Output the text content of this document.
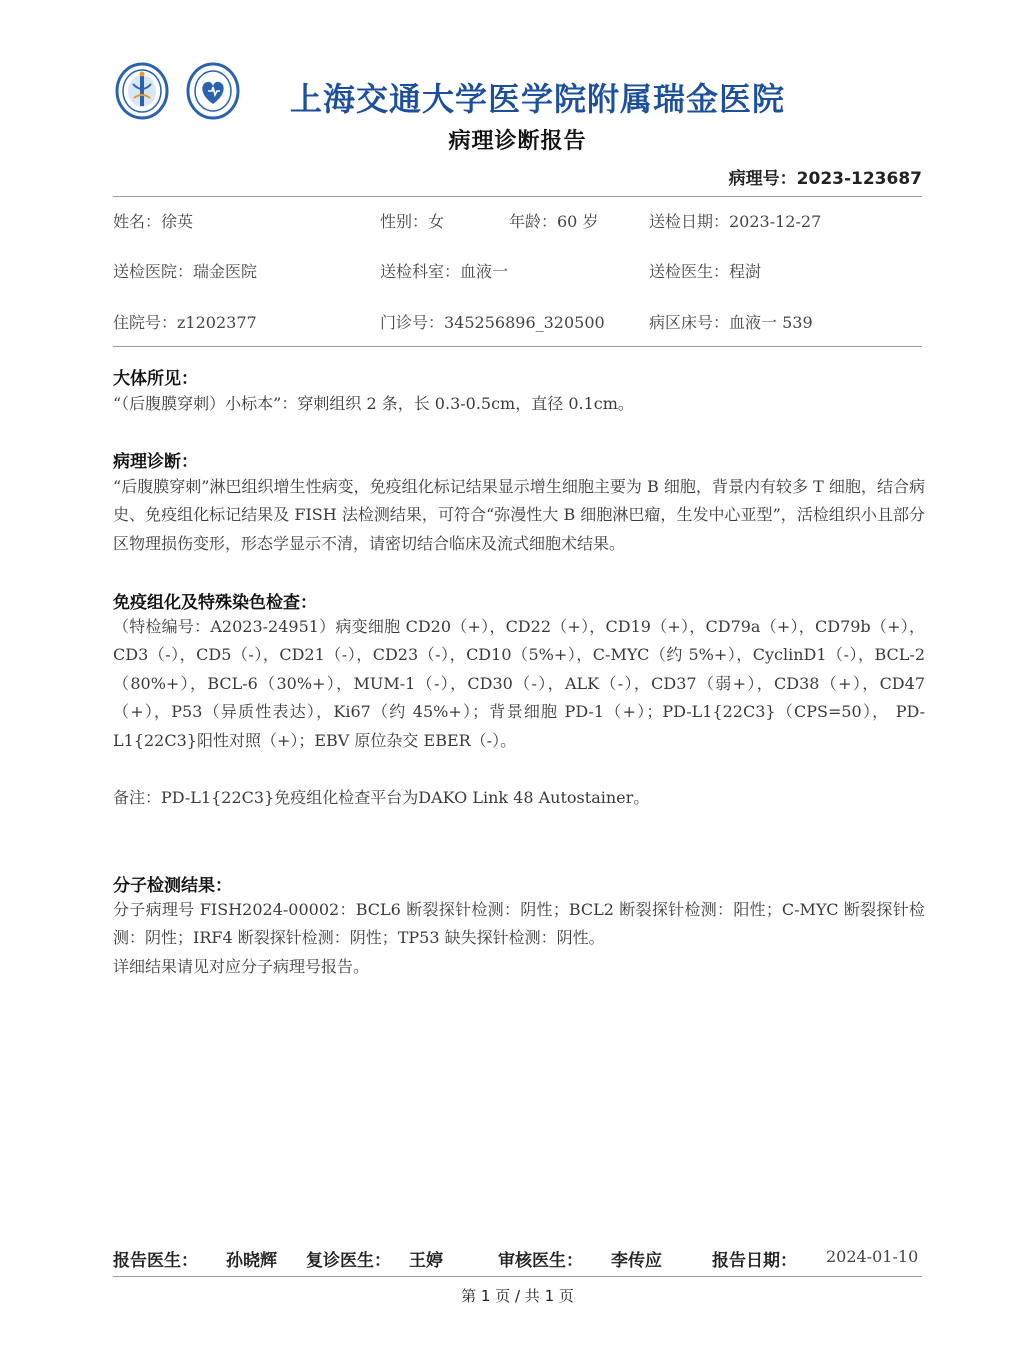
上海交通大学医学院附属瑞金医院
病理诊断报告
病理号：2023-123687
姓名：徐英	性别：女	年龄：60 岁	送检日期：2023-12-27
送检医院：瑞金医院	送检科室：血液一	送检医生：程澍
住院号：z1202377	门诊号：345256896_320500	病区床号：血液一 539
大体所见：

“（后腹膜穿刺）小标本”：穿刺组织 2 条，长 0.3-0.5cm，直径 0.1cm。

病理诊断：

“后腹膜穿刺”淋巴组织增生性病变，免疫组化标记结果显示增生细胞主要为 B 细胞，背景内有较多 T 细胞，结合病史、免疫组化标记结果及 FISH 法检测结果，可符合“弥漫性大 B 细胞淋巴瘤，生发中心亚型”，活检组织小且部分区物理损伤变形，形态学显示不清，请密切结合临床及流式细胞术结果。

免疫组化及特殊染色检查：

（特检编号：A2023-24951）病变细胞 CD20（+），CD22（+），CD19（+），CD79a（+），CD79b（+），CD3（-），CD5（-），CD21（-），CD23（-），CD10（5%+），C-MYC（约 5%+），CyclinD1（-），BCL-2（80%+），BCL-6（30%+），MUM-1（-），CD30（-），ALK（-），CD37（弱+），CD38（+），CD47（+），P53（异质性表达），Ki67（约 45%+）；背景细胞 PD-1（+）；PD-L1{22C3}（CPS=50）， PD-L1{22C3}阳性对照（+）；EBV 原位杂交 EBER（-）。

备注：PD-L1{22C3}免疫组化检查平台为DAKO Link 48 Autostainer。

分子检测结果：

分子病理号 FISH2024-00002：BCL6 断裂探针检测：阴性；BCL2 断裂探针检测：阳性；C-MYC 断裂探针检测：阴性；IRF4 断裂探针检测：阴性；TP53 缺失探针检测：阴性。

详细结果请见对应分子病理号报告。

报告医生： 孙晓辉 复诊医生： 王婷	审核医生： 李传应	报告日期： 2024-01-10
第 1 页 / 共 1 页
